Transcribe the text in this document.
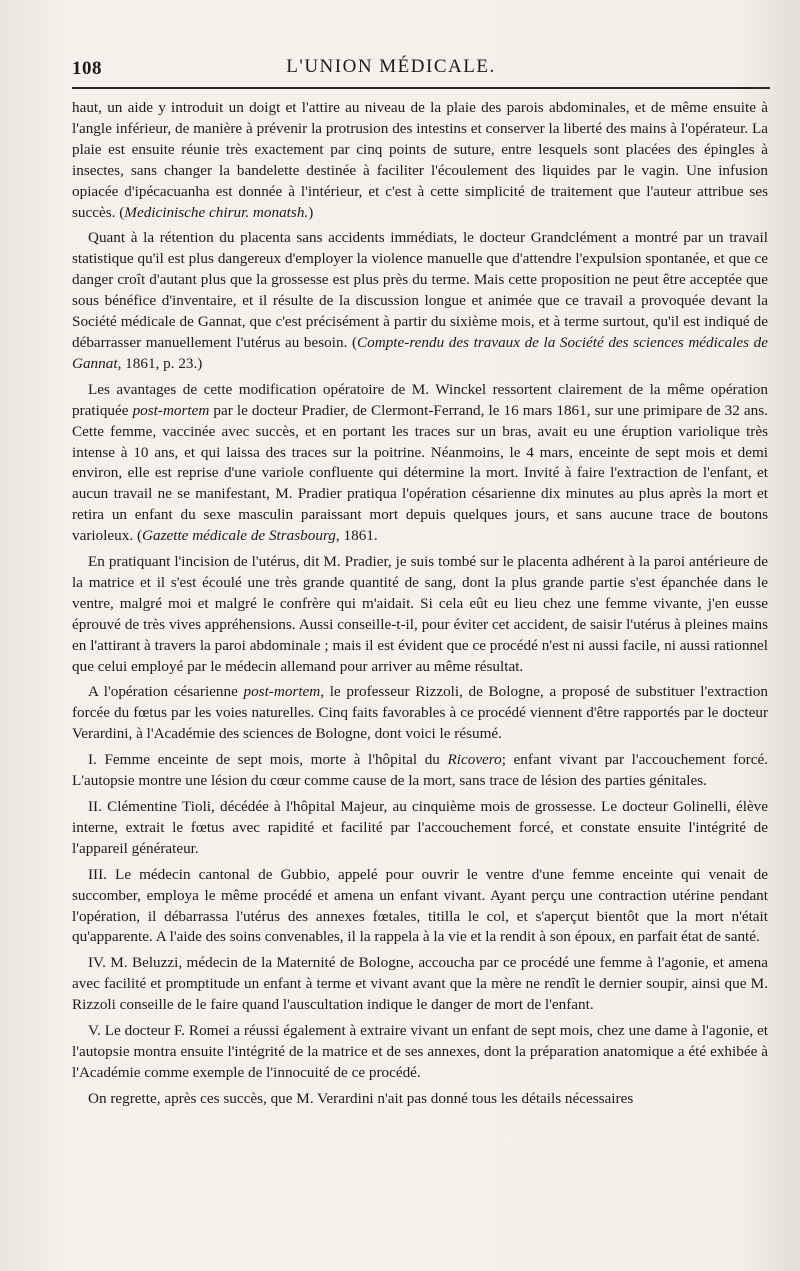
108	L'UNION MÉDICALE.

haut, un aide y introduit un doigt et l'attire au niveau de la plaie des parois abdominales, et de même ensuite à l'angle inférieur, de manière à prévenir la protrusion des intestins et conserver la liberté des mains à l'opérateur. La plaie est ensuite réunie très exactement par cinq points de suture, entre lesquels sont placées des épingles à insectes, sans changer la bandelette destinée à faciliter l'écoulement des liquides par le vagin. Une infusion opiacée d'ipécacuanha est donnée à l'intérieur, et c'est à cette simplicité de traitement que l'auteur attribue ses succès. (Medicinische chirur. monatsh.)

Quant à la rétention du placenta sans accidents immédiats, le docteur Grandclément a montré par un travail statistique qu'il est plus dangereux d'employer la violence manuelle que d'attendre l'expulsion spontanée, et que ce danger croît d'autant plus que la grossesse est plus près du terme. Mais cette proposition ne peut être acceptée que sous bénéfice d'inventaire, et il résulte de la discussion longue et animée que ce travail a provoquée devant la Société médicale de Gannat, que c'est précisément à partir du sixième mois, et à terme surtout, qu'il est indiqué de débarrasser manuellement l'utérus au besoin. (Compte-rendu des travaux de la Société des sciences médicales de Gannat, 1861, p. 23.)

Les avantages de cette modification opératoire de M. Winckel ressortent clairement de la même opération pratiquée post-mortem par le docteur Pradier, de Clermont-Ferrand, le 16 mars 1861, sur une primipare de 32 ans. Cette femme, vaccinée avec succès, et en portant les traces sur un bras, avait eu une éruption variolique très intense à 10 ans, et qui laissa des traces sur la poitrine. Néanmoins, le 4 mars, enceinte de sept mois et demi environ, elle est reprise d'une variole confluente qui détermine la mort. Invité à faire l'extraction de l'enfant, et aucun travail ne se manifestant, M. Pradier pratiqua l'opération césarienne dix minutes au plus après la mort et retira un enfant du sexe masculin paraissant mort depuis quelques jours, et sans aucune trace de boutons varioleux. (Gazette médicale de Strasbourg, 1861.

En pratiquant l'incision de l'utérus, dit M. Pradier, je suis tombé sur le placenta adhérent à la paroi antérieure de la matrice et il s'est écoulé une très grande quantité de sang, dont la plus grande partie s'est épanchée dans le ventre, malgré moi et malgré le confrère qui m'aidait. Si cela eût eu lieu chez une femme vivante, j'en eusse éprouvé de très vives appréhensions. Aussi conseille-t-il, pour éviter cet accident, de saisir l'utérus à pleines mains en l'attirant à travers la paroi abdominale ; mais il est évident que ce procédé n'est ni aussi facile, ni aussi rationnel que celui employé par le médecin allemand pour arriver au même résultat.

A l'opération césarienne post-mortem, le professeur Rizzoli, de Bologne, a proposé de substituer l'extraction forcée du fœtus par les voies naturelles. Cinq faits favorables à ce procédé viennent d'être rapportés par le docteur Verardini, à l'Académie des sciences de Bologne, dont voici le résumé.

I. Femme enceinte de sept mois, morte à l'hôpital du Ricovero; enfant vivant par l'accouchement forcé. L'autopsie montre une lésion du cœur comme cause de la mort, sans trace de lésion des parties génitales.

II. Clémentine Tioli, décédée à l'hôpital Majeur, au cinquième mois de grossesse. Le docteur Golinelli, élève interne, extrait le fœtus avec rapidité et facilité par l'accouchement forcé, et constate ensuite l'intégrité de l'appareil générateur.

III. Le médecin cantonal de Gubbio, appelé pour ouvrir le ventre d'une femme enceinte qui venait de succomber, employa le même procédé et amena un enfant vivant. Ayant perçu une contraction utérine pendant l'opération, il débarrassa l'utérus des annexes fœtales, titilla le col, et s'aperçut bientôt que la mort n'était qu'apparente. A l'aide des soins convenables, il la rappela à la vie et la rendit à son époux, en parfait état de santé.

IV. M. Beluzzi, médecin de la Maternité de Bologne, accoucha par ce procédé une femme à l'agonie, et amena avec facilité et promptitude un enfant à terme et vivant avant que la mère ne rendît le dernier soupir, ainsi que M. Rizzoli conseille de le faire quand l'auscultation indique le danger de mort de l'enfant.

V. Le docteur F. Romei a réussi également à extraire vivant un enfant de sept mois, chez une dame à l'agonie, et l'autopsie montra ensuite l'intégrité de la matrice et de ses annexes, dont la préparation anatomique a été exhibée à l'Académie comme exemple de l'innocuité de ce procédé.

On regrette, après ces succès, que M. Verardini n'ait pas donné tous les détails nécessaires
